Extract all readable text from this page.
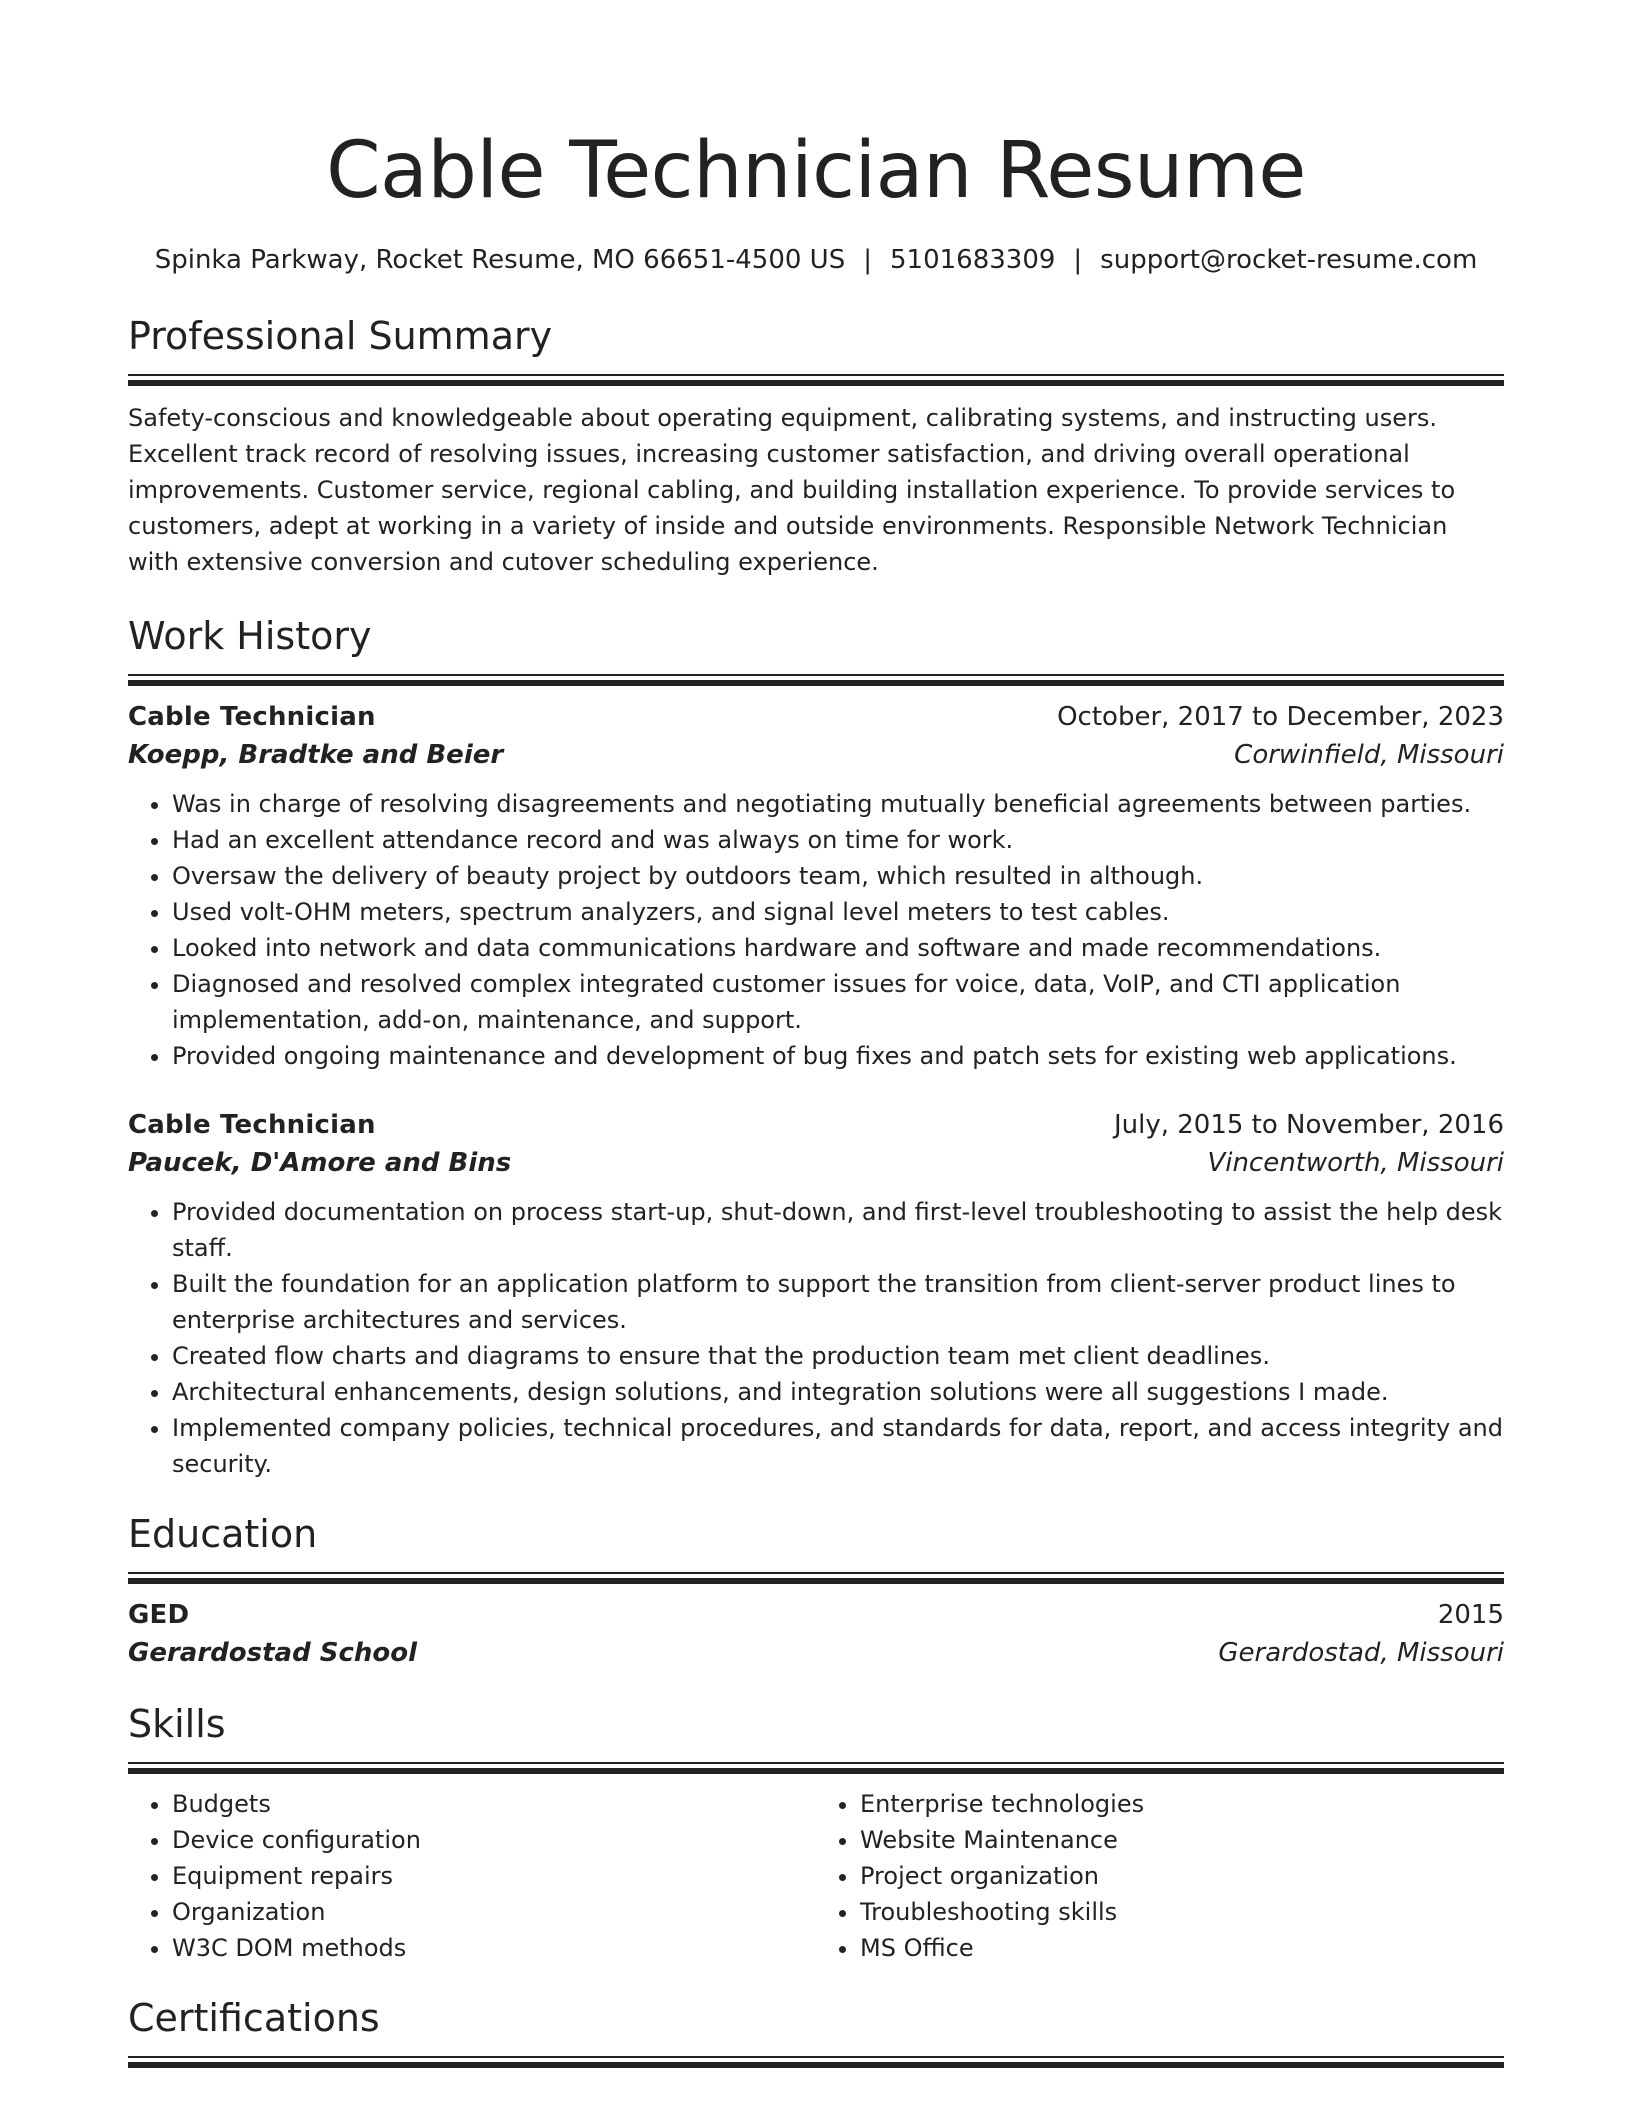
Cable Technician Resume
Spinka Parkway, Rocket Resume, MO 66651-4500 US | 5101683309 | support@rocket-resume.com
Professional Summary
Safety-conscious and knowledgeable about operating equipment, calibrating systems, and instructing users. Excellent track record of resolving issues, increasing customer satisfaction, and driving overall operational improvements. Customer service, regional cabling, and building installation experience. To provide services to customers, adept at working in a variety of inside and outside environments. Responsible Network Technician with extensive conversion and cutover scheduling experience.
Work History
Cable Technician	October, 2017 to December, 2023
Koepp, Bradtke and Beier	Corwinfield, Missouri
• Was in charge of resolving disagreements and negotiating mutually beneficial agreements between parties.
• Had an excellent attendance record and was always on time for work.
• Oversaw the delivery of beauty project by outdoors team, which resulted in although.
• Used volt-OHM meters, spectrum analyzers, and signal level meters to test cables.
• Looked into network and data communications hardware and software and made recommendations.
• Diagnosed and resolved complex integrated customer issues for voice, data, VoIP, and CTI application implementation, add-on, maintenance, and support.
• Provided ongoing maintenance and development of bug fixes and patch sets for existing web applications.
Cable Technician	July, 2015 to November, 2016
Paucek, D'Amore and Bins	Vincentworth, Missouri
• Provided documentation on process start-up, shut-down, and first-level troubleshooting to assist the help desk staff.
• Built the foundation for an application platform to support the transition from client-server product lines to enterprise architectures and services.
• Created flow charts and diagrams to ensure that the production team met client deadlines.
• Architectural enhancements, design solutions, and integration solutions were all suggestions I made.
• Implemented company policies, technical procedures, and standards for data, report, and access integrity and security.
Education
GED	2015
Gerardostad School	Gerardostad, Missouri
Skills
• Budgets
• Device configuration
• Equipment repairs
• Organization
• W3C DOM methods
• Enterprise technologies
• Website Maintenance
• Project organization
• Troubleshooting skills
• MS Office
Certifications
